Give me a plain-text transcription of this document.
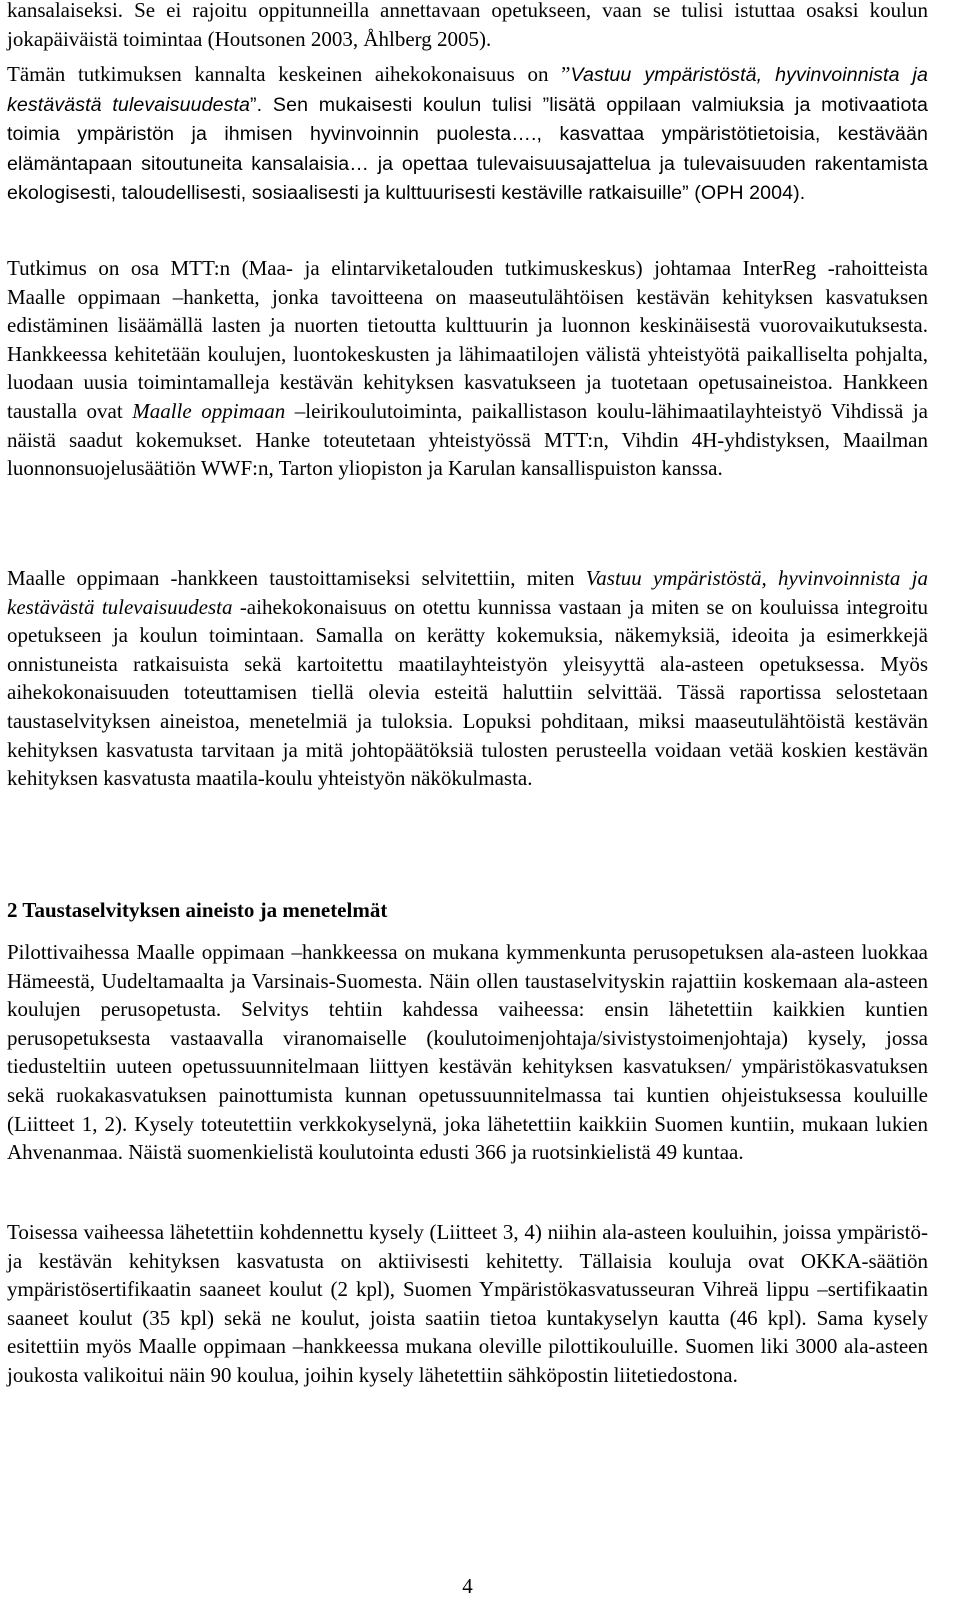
kansalaiseksi. Se ei rajoitu oppitunneilla annettavaan opetukseen, vaan se tulisi istuttaa osaksi koulun jokapäiväistä toimintaa (Houtsonen 2003, Åhlberg 2005).

Tämän tutkimuksen kannalta keskeinen aihekokonaisuus on ”Vastuu ympäristöstä, hyvinvoinnista ja kestävästä tulevaisuudesta”. Sen mukaisesti koulun tulisi ”lisätä oppilaan valmiuksia ja motivaatiota toimia ympäristön ja ihmisen hyvinvoinnin puolesta…., kasvattaa ympäristötietoisia, kestävään elämäntapaan sitoutuneita kansalaisia… ja opettaa tulevaisuusajattelua ja tulevaisuuden rakentamista ekologisesti, taloudellisesti, sosiaalisesti ja kulttuurisesti kestäville ratkaisuille” (OPH 2004).

Tutkimus on osa MTT:n (Maa- ja elintarviketalouden tutkimuskeskus) johtamaa InterReg -rahoitteista Maalle oppimaan –hanketta, jonka tavoitteena on maaseutulähtöisen kestävän kehityksen kasvatuksen edistäminen lisäämällä lasten ja nuorten tietoutta kulttuurin ja luonnon keskinäisestä vuorovaikutuksesta. Hankkeessa kehitetään koulujen, luontokeskusten ja lähimaatilojen välistä yhteistyötä paikalliselta pohjalta, luodaan uusia toimintamalleja kestävän kehityksen kasvatukseen ja tuotetaan opetusaineistoa. Hankkeen taustalla ovat Maalle oppimaan –leirikoulutoiminta, paikallistason koulu-lähimaatilayhteistyö Vihdissä ja näistä saadut kokemukset. Hanke toteutetaan yhteistyössä MTT:n, Vihdin 4H-yhdistyksen, Maailman luonnonsuojelusäätiön WWF:n, Tarton yliopiston ja Karulan kansallispuiston kanssa.

Maalle oppimaan -hankkeen taustoittamiseksi selvitettiin, miten Vastuu ympäristöstä, hyvinvoinnista ja kestävästä tulevaisuudesta -aihekokonaisuus on otettu kunnissa vastaan ja miten se on kouluissa integroitu opetukseen ja koulun toimintaan. Samalla on kerätty kokemuksia, näkemyksiä, ideoita ja esimerkkejä onnistuneista ratkaisuista sekä kartoitettu maatilayhteistyön yleisyyttä ala-asteen opetuksessa. Myös aihekokonaisuuden toteuttamisen tiellä olevia esteitä haluttiin selvittää. Tässä raportissa selostetaan taustaselvityksen aineistoa, menetelmiä ja tuloksia. Lopuksi pohditaan, miksi maaseutulähtöistä kestävän kehityksen kasvatusta tarvitaan ja mitä johtopäätöksiä tulosten perusteella voidaan vetää koskien kestävän kehityksen kasvatusta maatila-koulu yhteistyön näkökulmasta.

2 Taustaselvityksen aineisto ja menetelmät

Pilottivaihessa Maalle oppimaan –hankkeessa on mukana kymmenkunta perusopetuksen ala-asteen luokkaa Hämeestä, Uudeltamaalta ja Varsinais-Suomesta. Näin ollen taustaselvityskin rajattiin koskemaan ala-asteen koulujen perusopetusta. Selvitys tehtiin kahdessa vaiheessa: ensin lähetettiin kaikkien kuntien perusopetuksesta vastaavalla viranomaiselle (koulutoimenjohtaja/sivistystoimenjohtaja) kysely, jossa tiedusteltiin uuteen opetussuunnitelmaan liittyen kestävän kehityksen kasvatuksen/ ympäristökasvatuksen sekä ruokakasvatuksen painottumista kunnan opetussuunnitelmassa tai kuntien ohjeistuksessa kouluille (Liitteet 1, 2). Kysely toteutettiin verkkokyselynä, joka lähetettiin kaikkiin Suomen kuntiin, mukaan lukien Ahvenanmaa. Näistä suomenkielistä koulutointa edusti 366 ja ruotsinkielistä 49 kuntaa.

Toisessa vaiheessa lähetettiin kohdennettu kysely (Liitteet 3, 4) niihin ala-asteen kouluihin, joissa ympäristö- ja kestävän kehityksen kasvatusta on aktiivisesti kehitetty. Tällaisia kouluja ovat OKKA-säätiön ympäristösertifikaatin saaneet koulut (2 kpl), Suomen Ympäristökasvatusseuran Vihreä lippu –sertifikaatin saaneet koulut (35 kpl) sekä ne koulut, joista saatiin tietoa kuntakyselyn kautta (46 kpl). Sama kysely esitettiin myös Maalle oppimaan –hankkeessa mukana oleville pilottikouluille. Suomen liki 3000 ala-asteen joukosta valikoitui näin 90 koulua, joihin kysely lähetettiin sähköpostin liitetiedostona.

4
